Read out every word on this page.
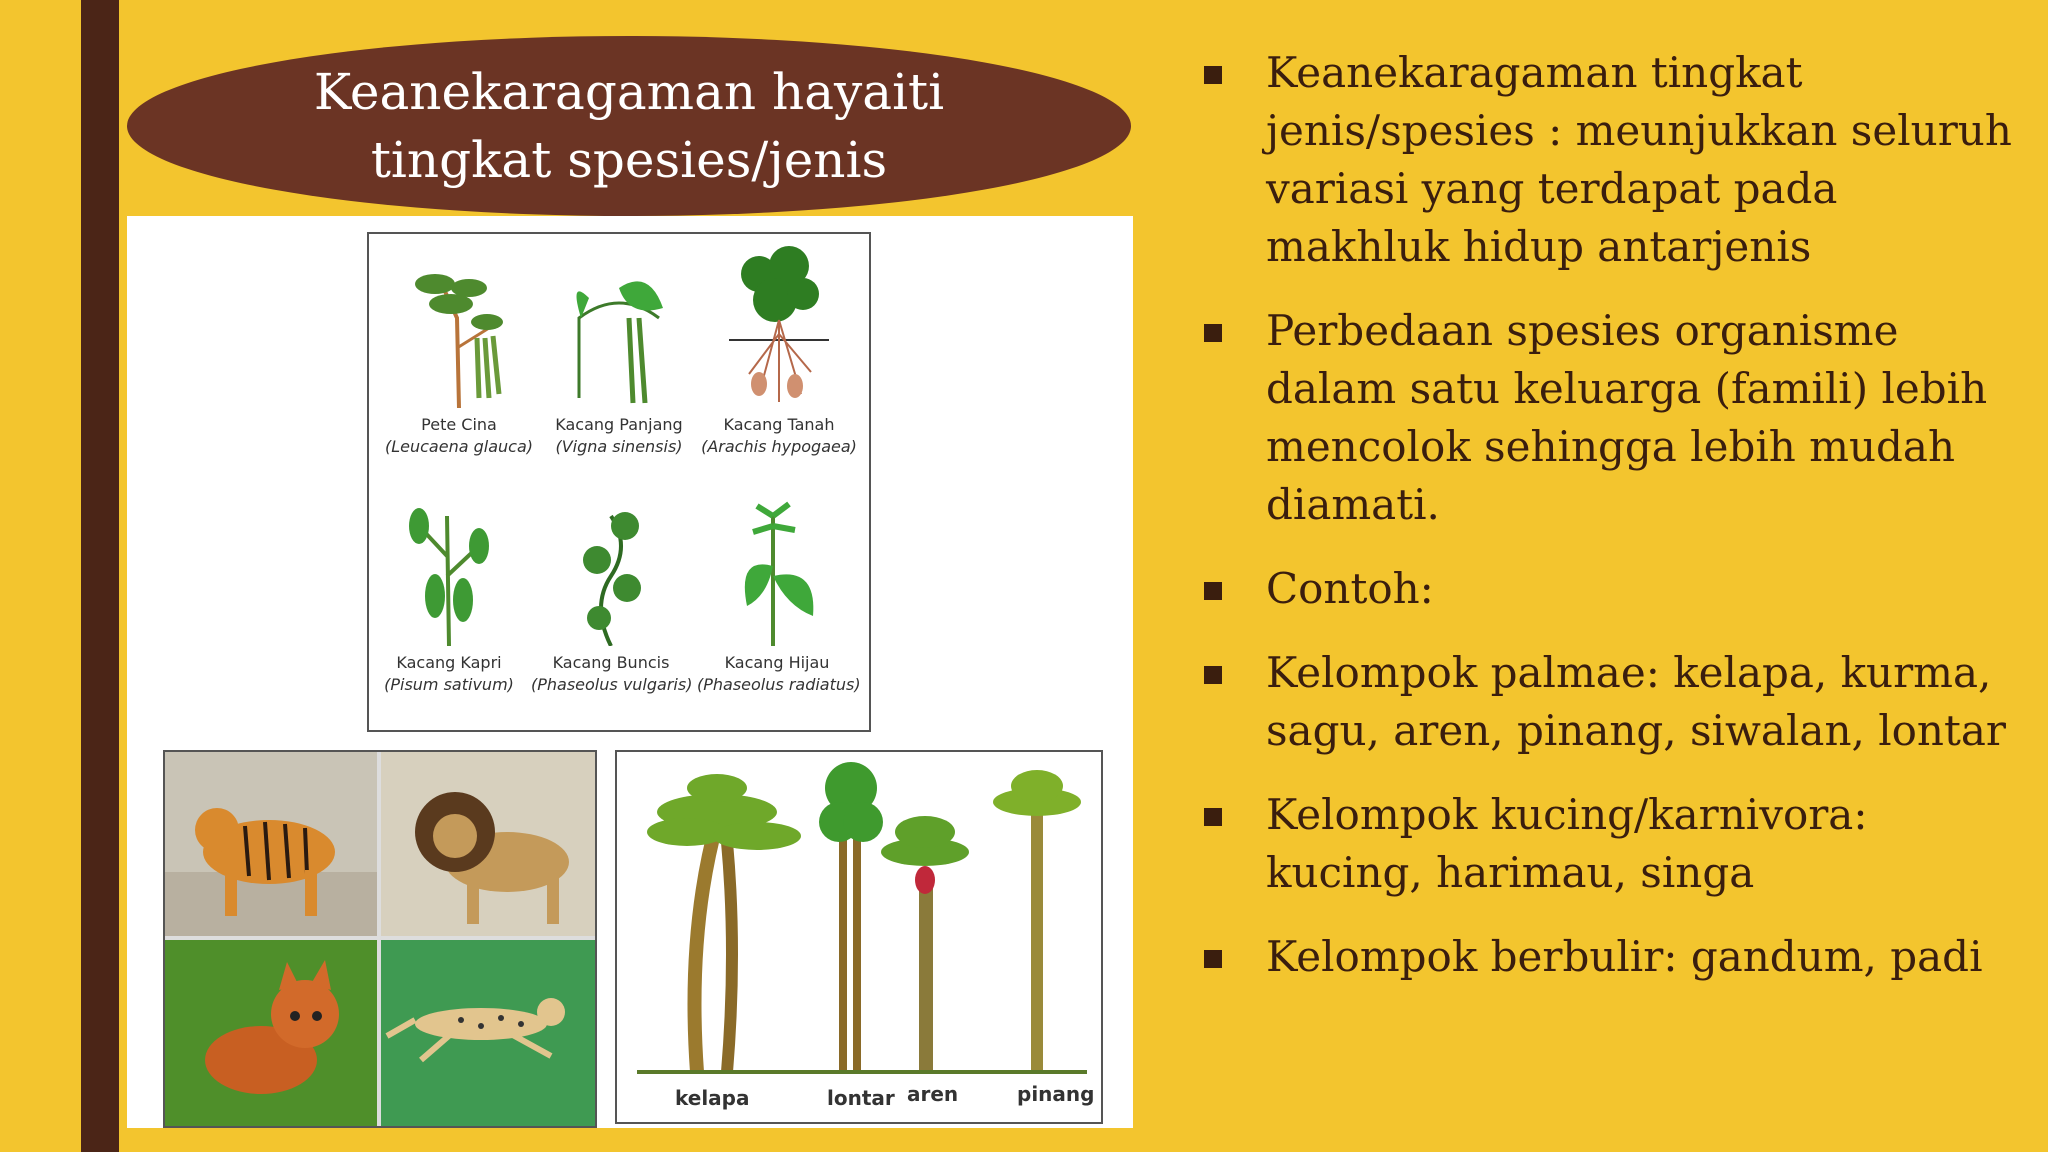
Keanekaragaman hayaiti tingkat spesies/jenis
Pete Cina
(Leucaena glauca)
Kacang Panjang
(Vigna sinensis)
Kacang Tanah
(Arachis hypogaea)
Kacang Kapri
(Pisum sativum)
Kacang Buncis
(Phaseolus vulgaris)
Kacang Hijau
(Phaseolus radiatus)
kelapa	lontar aren	pinang
Keanekaragaman tingkat jenis/spesies : meunjukkan seluruh variasi yang terdapat pada makhluk hidup antarjenis
Perbedaan spesies organisme dalam satu keluarga (famili) lebih mencolok sehingga lebih mudah diamati.
Contoh:
Kelompok palmae: kelapa, kurma, sagu, aren, pinang, siwalan, lontar
Kelompok kucing/karnivora: kucing, harimau, singa
Kelompok berbulir: gandum, padi
